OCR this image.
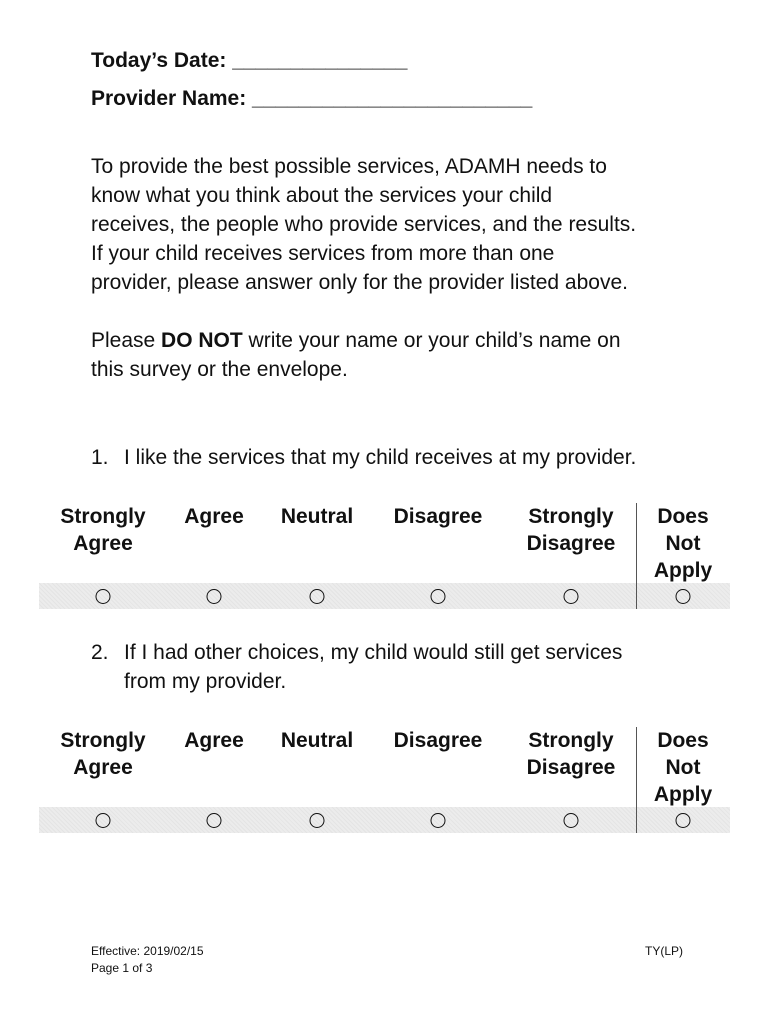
Today’s Date: _______________
Provider Name: ________________________
To provide the best possible services, ADAMH needs to
know what you think about the services your child
receives, the people who provide services, and the results.
If your child receives services from more than one
provider, please answer only for the provider listed above.
Please DO NOT write your name or your child’s name on
this survey or the envelope.
1. I like the services that my child receives at my provider.
Strongly
Agree
Agree Neutral Disagree Strongly
Disagree
Does
Not
Apply
2. If I had other choices, my child would still get services
from my provider.
Strongly
Agree
Agree Neutral Disagree Strongly
Disagree
Does
Not
Apply
Effective: 2019/02/15
Page 1 of 3
TY(LP)
